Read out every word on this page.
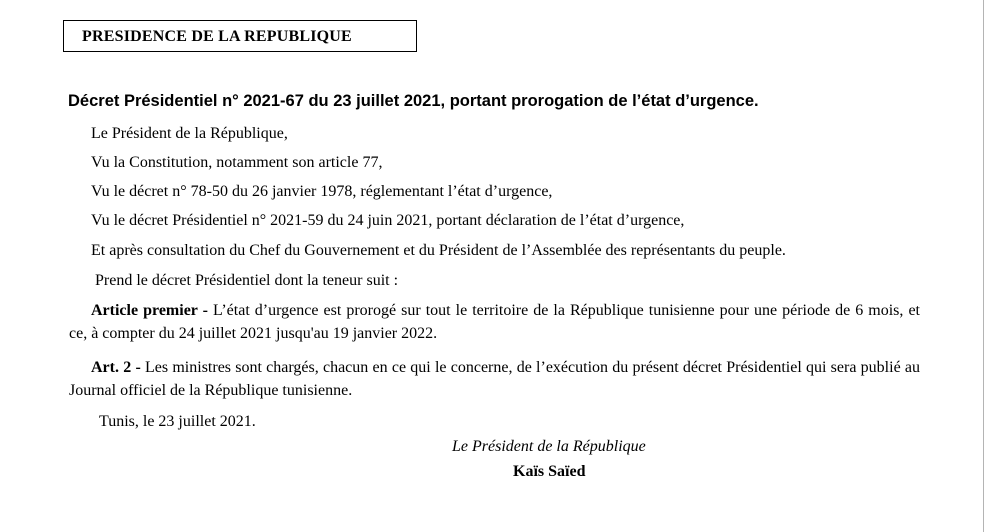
PRESIDENCE DE LA REPUBLIQUE
Décret Présidentiel n° 2021-67 du 23 juillet 2021, portant prorogation de l’état d’urgence.
Le Président de la République,
Vu la Constitution, notamment son article 77,
Vu le décret n° 78-50 du 26 janvier 1978, réglementant l’état d’urgence,
Vu le décret Présidentiel n° 2021-59 du 24 juin 2021, portant déclaration de l’état d’urgence,
Et après consultation du Chef du Gouvernement et du Président de l’Assemblée des représentants du peuple.
Prend le décret Présidentiel dont la teneur suit :
Article premier - L’état d’urgence est prorogé sur tout le territoire de la République tunisienne pour une période de 6 mois, et ce, à compter du 24 juillet 2021 jusqu'au 19 janvier 2022.
Art. 2 - Les ministres sont chargés, chacun en ce qui le concerne, de l’exécution du présent décret Présidentiel qui sera publié au Journal officiel de la République tunisienne.
Tunis, le 23 juillet 2021.
Le Président de la République
Kaïs Saïed
